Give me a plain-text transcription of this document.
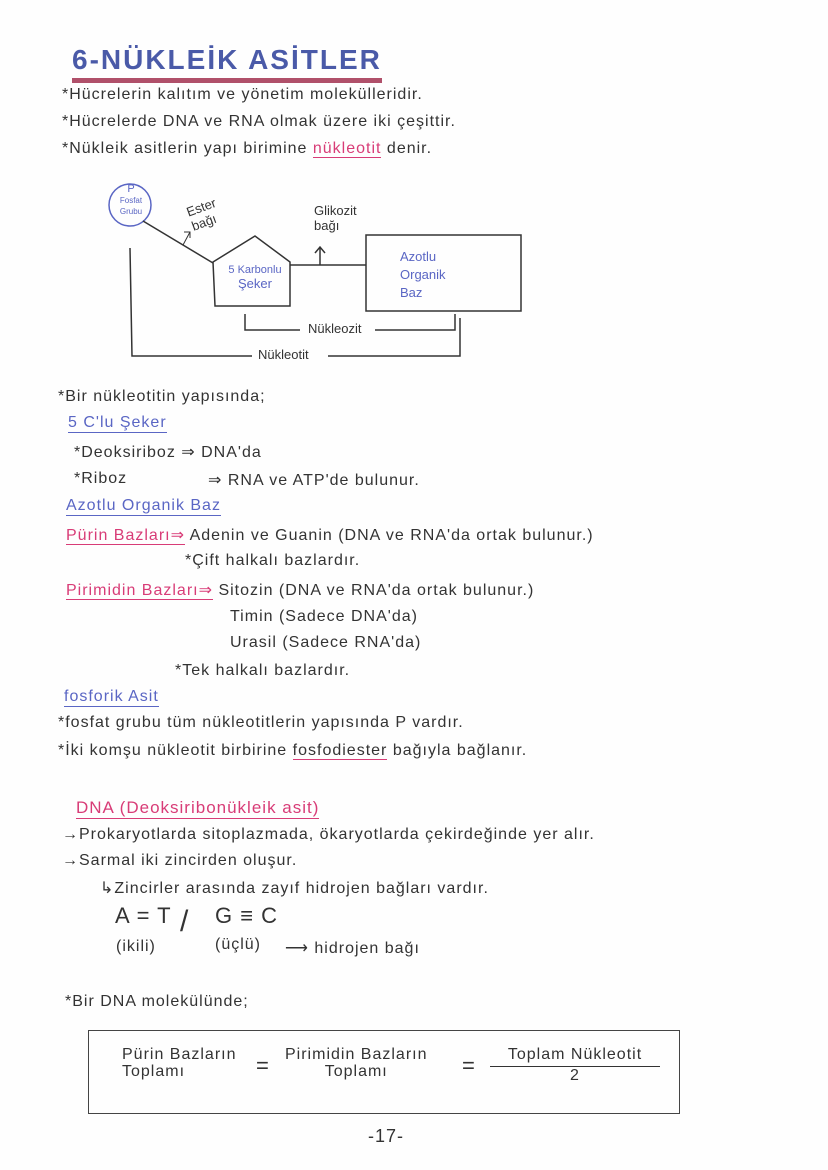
6-NÜKLEİK ASİTLER
*Hücrelerin kalıtım ve yönetim molekülleridir.
*Hücrelerde DNA ve RNA olmak üzere iki çeşittir.
*Nükleik asitlerin yapı birimine nükleotit denir.
P
Fosfat
Grubu	Ester bağı
Glikozit bağı
5 Karbonlu
Şeker
Azotlu
Organik
Baz
Nükleozit
Nükleotit
*Bir nükleotitin yapısında;
5 C'lu Şeker
*Deoksiriboz ⇒ DNA'da
*Riboz	⇒ RNA ve ATP'de bulunur.
Azotlu Organik Baz
Pürin Bazları⇒ Adenin ve Guanin (DNA ve RNA'da ortak bulunur.)
*Çift halkalı bazlardır.
Pirimidin Bazları⇒ Sitozin (DNA ve RNA'da ortak bulunur.)
Timin (Sadece DNA'da)
Urasil (Sadece RNA'da)
*Tek halkalı bazlardır.
fosforik Asit
*fosfat grubu tüm nükleotitlerin yapısında P vardır.
*İki komşu nükleotit birbirine fosfodiester bağıyla bağlanır.
DNA (Deoksiribonükleik asit)
→Prokaryotlarda sitoplazmada, ökaryotlarda çekirdeğinde yer alır.
→Sarmal iki zincirden oluşur.
↳Zincirler arasında zayıf hidrojen bağları vardır.
A = T / G ≡ C
(ikili)	(üçlü) ⟶ hidrojen bağı
*Bir DNA molekülünde;
Pürin Bazların
Toplamı	= Pirimidin Bazların
Toplamı	=	Toplam Nükleotit
2
-17-
